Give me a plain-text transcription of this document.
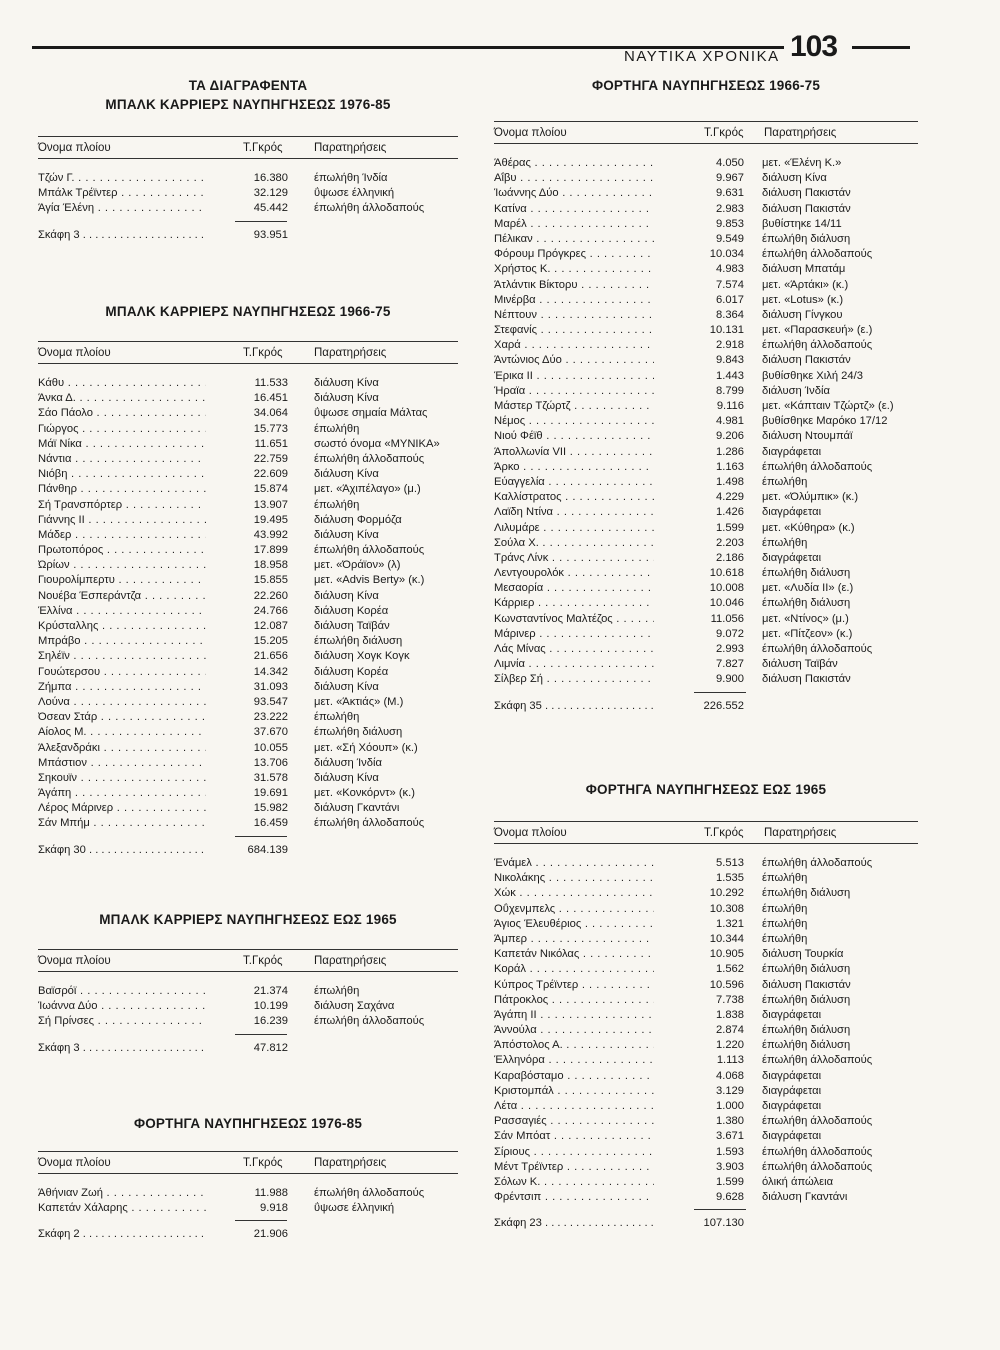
ΝΑΥΤΙΚΑ ΧΡΟΝΙΚΑ 103
ΤΑ ΔΙΑΓΡΑΦΕΝΤΑ
ΜΠΑΛΚ ΚΑΡΡΙΕΡΣ ΝΑΥΠΗΓΗΣΕΩΣ 1976-85
Όνομα πλοίου	Τ.Γκρός	Παρατηρήσεις
Τζών Γ. . . .	16.380 έπωλήθη Ίνδία
Μπάλκ Τρέϊντερ . . .	32.129 ΰψωσε έλληνική
Άγία Έλένη . . .	45.442 έπωλήθη άλλοδαπούς
Σκάφη 3 . . .	93.951
ΜΠΑΛΚ ΚΑΡΡΙΕΡΣ ΝΑΥΠΗΓΗΣΕΩΣ 1966-75
Όνομα πλοίου	Τ.Γκρός	Παρατηρήσεις
Κάθυ . . .	11.533 διάλυση Κίνα
Άνκα Δ. . . .	16.451 διάλυση Κίνα
Σάο Πάολο . . .	34.064 ΰψωσε σημαία Μάλτας
Γιώργος . . .	15.773 έπωλήθη
Μάϊ Νίκα . . .	11.651 σωστό όνομα «ΜΥΝΙΚΑ»
Νάντια . . .	22.759 έπωλήθη άλλοδαπούς
Νιόβη . . .	22.609 διάλυση Κίνα
Πάνθηρ . . .	15.874 μετ. «Άχιπέλαγο» (μ.)
Σή Τρανσπόρτερ . . .	13.907 έπωλήθη
Γιάννης ΙΙ . . .	19.495 διάλυση Φορμόζα
Μάδερ . . .	43.992 διάλυση Κίνα
Πρωτοπόρος . . .	17.899 έπωλήθη άλλοδαπούς
Ώρίων . . .	18.958 μετ. «Όράϊον» (λ)
Γιουρολίμπερτυ . . .	15.855 μετ. «Advis Berty» (κ.)
Νουέβα Έσπεράντζα . . .	22.260 διάλυση Κίνα
Έλλίνα . . .	24.766 διάλυση Κορέα
Κρύσταλλης . . .	12.087 διάλυση Ταϊβάν
Μπράβο . . .	15.205 έπωλήθη διάλυση
Σηλέϊν . . .	21.656 διάλυση Χογκ Κογκ
Γουώτερσου . . .	14.342 διάλυση Κορέα
Ζήμπα . . .	31.093 διάλυση Κίνα
Λούνα . . .	93.547 μετ. «Άκτιάς» (Μ.)
Όσεαν Στάρ . . .	23.222 έπωλήθη
Αίολος Μ. . . .	37.670 έπωλήθη διάλυση
Άλεξανδράκι . . .	10.055 μετ. «Σή Χόουπ» (κ.)
Μπάστιον . . .	13.706 διάλυση Ίνδία
Σηκουϊν . . .	31.578 διάλυση Κίνα
Άγάπη . . .	19.691 μετ. «Κονκόρντ» (κ.)
Λέρος Μάρινερ . . .	15.982 διάλυση Γκαντάνι
Σάν Μπήμ . . .	16.459 έπωλήθη άλλοδαπούς
Σκάφη 30 . . .	684.139
ΜΠΑΛΚ ΚΑΡΡΙΕΡΣ ΝΑΥΠΗΓΗΣΕΩΣ ΕΩΣ 1965
Όνομα πλοίου	Τ.Γκρός	Παρατηρήσεις
Βαϊσρόϊ . . .	21.374 έπωλήθη
Ίωάννα Δύο . . .	10.199 διάλυση Σαχάνα
Σή Πρίνσες . . .	16.239 έπωλήθη άλλοδαπούς
Σκάφη 3 . . .	47.812
ΦΟΡΤΗΓΑ ΝΑΥΠΗΓΗΣΕΩΣ 1976-85
Όνομα πλοίου	Τ.Γκρός	Παρατηρήσεις
Άθήνιαν Ζωή . . .	11.988 έπωλήθη άλλοδαπούς
Καπετάν Χάλαρης . . .	9.918 ΰψωσε έλληνική
Σκάφη 2 . . .	21.906
ΦΟΡΤΗΓΑ ΝΑΥΠΗΓΗΣΕΩΣ 1966-75
Όνομα πλοίου	Τ.Γκρός Παρατηρήσεις
Άθέρας . . .	4.050 μετ. «Έλένη Κ.»
Αΐβυ . . .	9.967 διάλυση Κίνα
Ίωάννης Δύο . . .	9.631 διάλυση Πακιστάν
Κατίνα . . .	2.983 διάλυση Πακιστάν
Μαρέλ . . .	9.853 βυθίστηκε 14/11
Πέλικαν . . .	9.549 έπωλήθη διάλυση
Φόρουμ Πρόγκρες . . .	10.034 έπωλήθη άλλοδαπούς
Χρήστος Κ. . . .	4.983 διάλυση Μπατάμ
Άτλάντικ Βίκτορυ . . .	7.574 μετ. «Άρτάκι» (κ.)
Μινέρβα . . .	6.017 μετ. «Lotus» (κ.)
Νέπτουν . . .	8.364 διάλυση Γίνγκου
Στεφανίς . . .	10.131 μετ. «Παρασκευή» (ε.)
Χαρά . . .	2.918 έπωλήθη άλλοδαπούς
Άντώνιος Δύο . . .	9.843 διάλυση Πακιστάν
Έρικα ΙΙ . . .	1.443 βυθίσθηκε Χιλή 24/3
Ήραϊα . . .	8.799 διάλυση Ίνδία
Μάστερ Τζώρτζ . . .	9.116 μετ. «Κάπταιν Τζώρτζ» (ε.)
Νέμος . . .	4.981 βυθίσθηκε Μαρόκο 17/12
Νιού Φέϊθ . . .	9.206 διάλυση Ντουμπάϊ
Άπολλωνία VII . . .	1.286 διαγράφεται
Άρκο . . .	1.163 έπωλήθη άλλοδαπούς
Εύαγγελία . . .	1.498 έπωλήθη
Καλλίστρατος . . .	4.229 μετ. «Όλύμπικ» (κ.)
Λαϊδη Ντίνα . . .	1.426 διαγράφεται
Λιλυμάρε . . .	1.599 μετ. «Κύθηρα» (κ.)
Σούλα Χ. . . .	2.203 έπωλήθη
Τράνς Λίνκ . . .	2.186 διαγράφεται
Λεντγουρολόκ . . .	10.618 έπωλήθη διάλυση
Μεσαορία . . .	10.008 μετ. «Λυδία ΙΙ» (ε.)
Κάρριερ . . .	10.046 έπωλήθη διάλυση
Κωνσταντίνος Μαλτέζος . . .	11.056 μετ. «Ντίνος» (μ.)
Μάρινερ . . .	9.072 μετ. «Πίτζεον» (κ.)
Λάς Μίνας . . .	2.993 έπωλήθη άλλοδαπούς
Λιμνία . . .	7.827 διάλυση Ταϊβάν
Σίλβερ Σή . . .	9.900 διάλυση Πακιστάν
Σκάφη 35 . . .	226.552
ΦΟΡΤΗΓΑ ΝΑΥΠΗΓΗΣΕΩΣ ΕΩΣ 1965
Όνομα πλοίου	Τ.Γκρός Παρατηρήσεις
Ένάμελ . . .	5.513 έπωλήθη άλλοδαπούς
Νικολάκης . . .	1.535 έπωλήθη
Χώκ . . .	10.292 έπωλήθη διάλυση
Οΰχενμπελς . . .	10.308 έπωλήθη
Άγιος Έλευθέριος . . .	1.321 έπωλήθη
Άμπερ . . .	10.344 έπωλήθη
Καπετάν Νικόλας . . .	10.905 διάλυση Τουρκία
Κοράλ . . .	1.562 έπωλήθη διάλυση
Κύπρος Τρέϊντερ . . .	10.596 διάλυση Πακιστάν
Πάτροκλος . . .	7.738 έπωλήθη διάλυση
Άγάπη ΙΙ . . .	1.838 διαγράφεται
Άννούλα . . .	2.874 έπωλήθη διάλυση
Άπόστολος Α. . . .	1.220 έπωλήθη διάλυση
Έλληνόρα . . .	1.113 έπωλήθη άλλοδαπούς
Καραβόσταμο . . .	4.068 διαγράφεται
Κριστομπάλ . . .	3.129 διαγράφεται
Λέτα . . .	1.000 διαγράφεται
Ρασσαγιές . . .	1.380 έπωλήθη άλλοδαπούς
Σάν Μπόατ . . .	3.671 διαγράφεται
Σίριους . . .	1.593 έπωλήθη άλλοδαπούς
Μέντ Τρέϊντερ . . .	3.903 έπωλήθη άλλοδαπούς
Σόλων Κ. . . .	1.599 όλική άπώλεια
Φρέντσιπ . . .	9.628 διάλυση Γκαντάνι
Σκάφη 23 . . .	107.130
